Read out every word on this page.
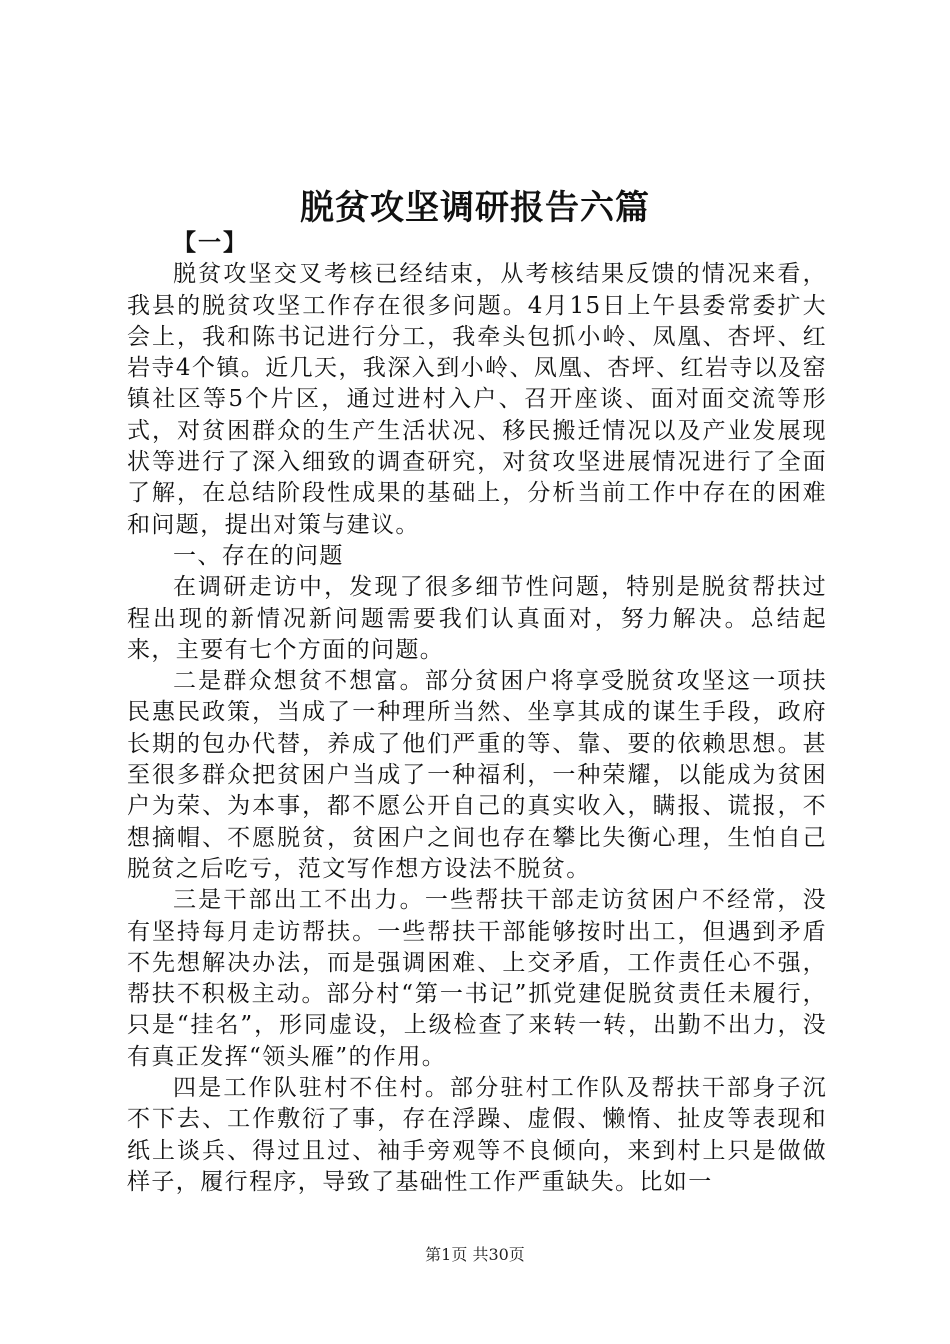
脱贫攻坚调研报告六篇

【一】

脱贫攻坚交叉考核已经结束，从考核结果反馈的情况来看，我县的脱贫攻坚工作存在很多问题。4月15日上午县委常委扩大会上，我和陈书记进行分工，我牵头包抓小岭、凤凰、杏坪、红岩寺4个镇。近几天，我深入到小岭、凤凰、杏坪、红岩寺以及窑镇社区等5个片区，通过进村入户、召开座谈、面对面交流等形式，对贫困群众的生产生活状况、移民搬迁情况以及产业发展现状等进行了深入细致的调查研究，对贫攻坚进展情况进行了全面了解，在总结阶段性成果的基础上，分析当前工作中存在的困难和问题，提出对策与建议。

一、存在的问题

在调研走访中，发现了很多细节性问题，特别是脱贫帮扶过程出现的新情况新问题需要我们认真面对，努力解决。总结起来，主要有七个方面的问题。

二是群众想贫不想富。部分贫困户将享受脱贫攻坚这一项扶民惠民政策，当成了一种理所当然、坐享其成的谋生手段，政府长期的包办代替，养成了他们严重的等、靠、要的依赖思想。甚至很多群众把贫困户当成了一种福利，一种荣耀，以能成为贫困户为荣、为本事，都不愿公开自己的真实收入，瞒报、谎报，不想摘帽、不愿脱贫，贫困户之间也存在攀比失衡心理，生怕自己脱贫之后吃亏，范文写作想方设法不脱贫。

三是干部出工不出力。一些帮扶干部走访贫困户不经常，没有坚持每月走访帮扶。一些帮扶干部能够按时出工，但遇到矛盾不先想解决办法，而是强调困难、上交矛盾，工作责任心不强，帮扶不积极主动。部分村“第一书记”抓党建促脱贫责任未履行，只是“挂名”，形同虚设，上级检查了来转一转，出勤不出力，没有真正发挥“领头雁”的作用。

四是工作队驻村不住村。部分驻村工作队及帮扶干部身子沉不下去、工作敷衍了事，存在浮躁、虚假、懒惰、扯皮等表现和纸上谈兵、得过且过、袖手旁观等不良倾向，来到村上只是做做样子，履行程序，导致了基础性工作严重缺失。比如一

第1页 共30页
